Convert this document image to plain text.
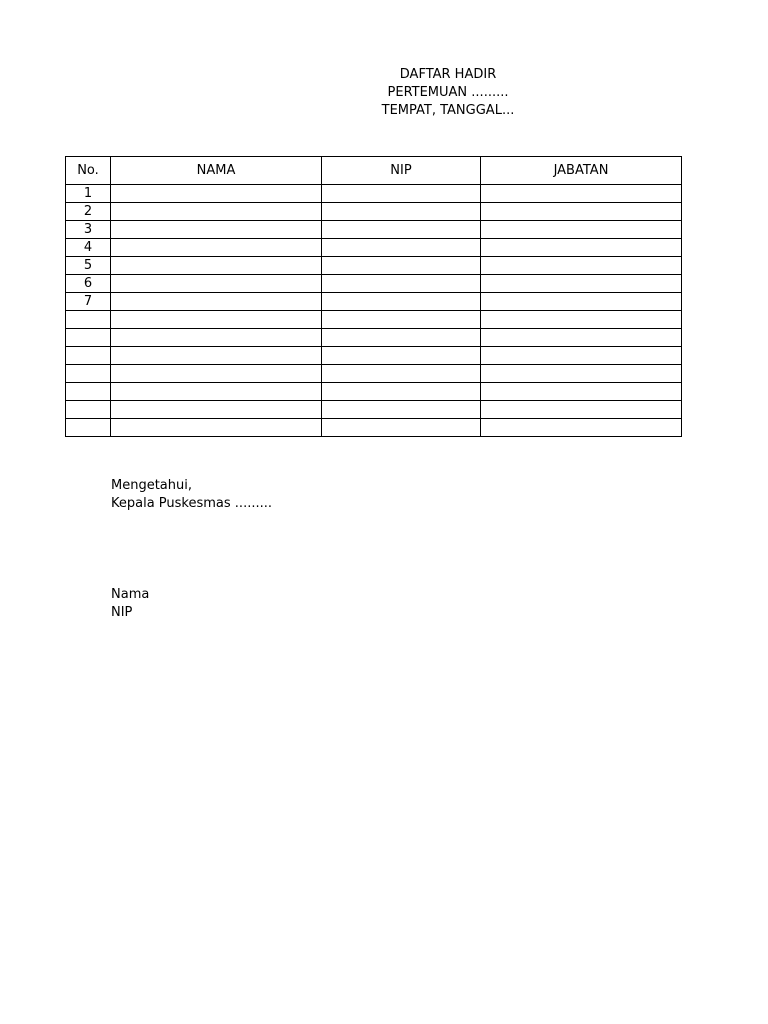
DAFTAR HADIR
PERTEMUAN .........
TEMPAT, TANGGAL...
No.	NAMA	NIP	JABATAN
1			
2			
3			
4			
5			
6			
7			

Mengetahui,
Kepala Puskesmas .........
Nama
NIP
